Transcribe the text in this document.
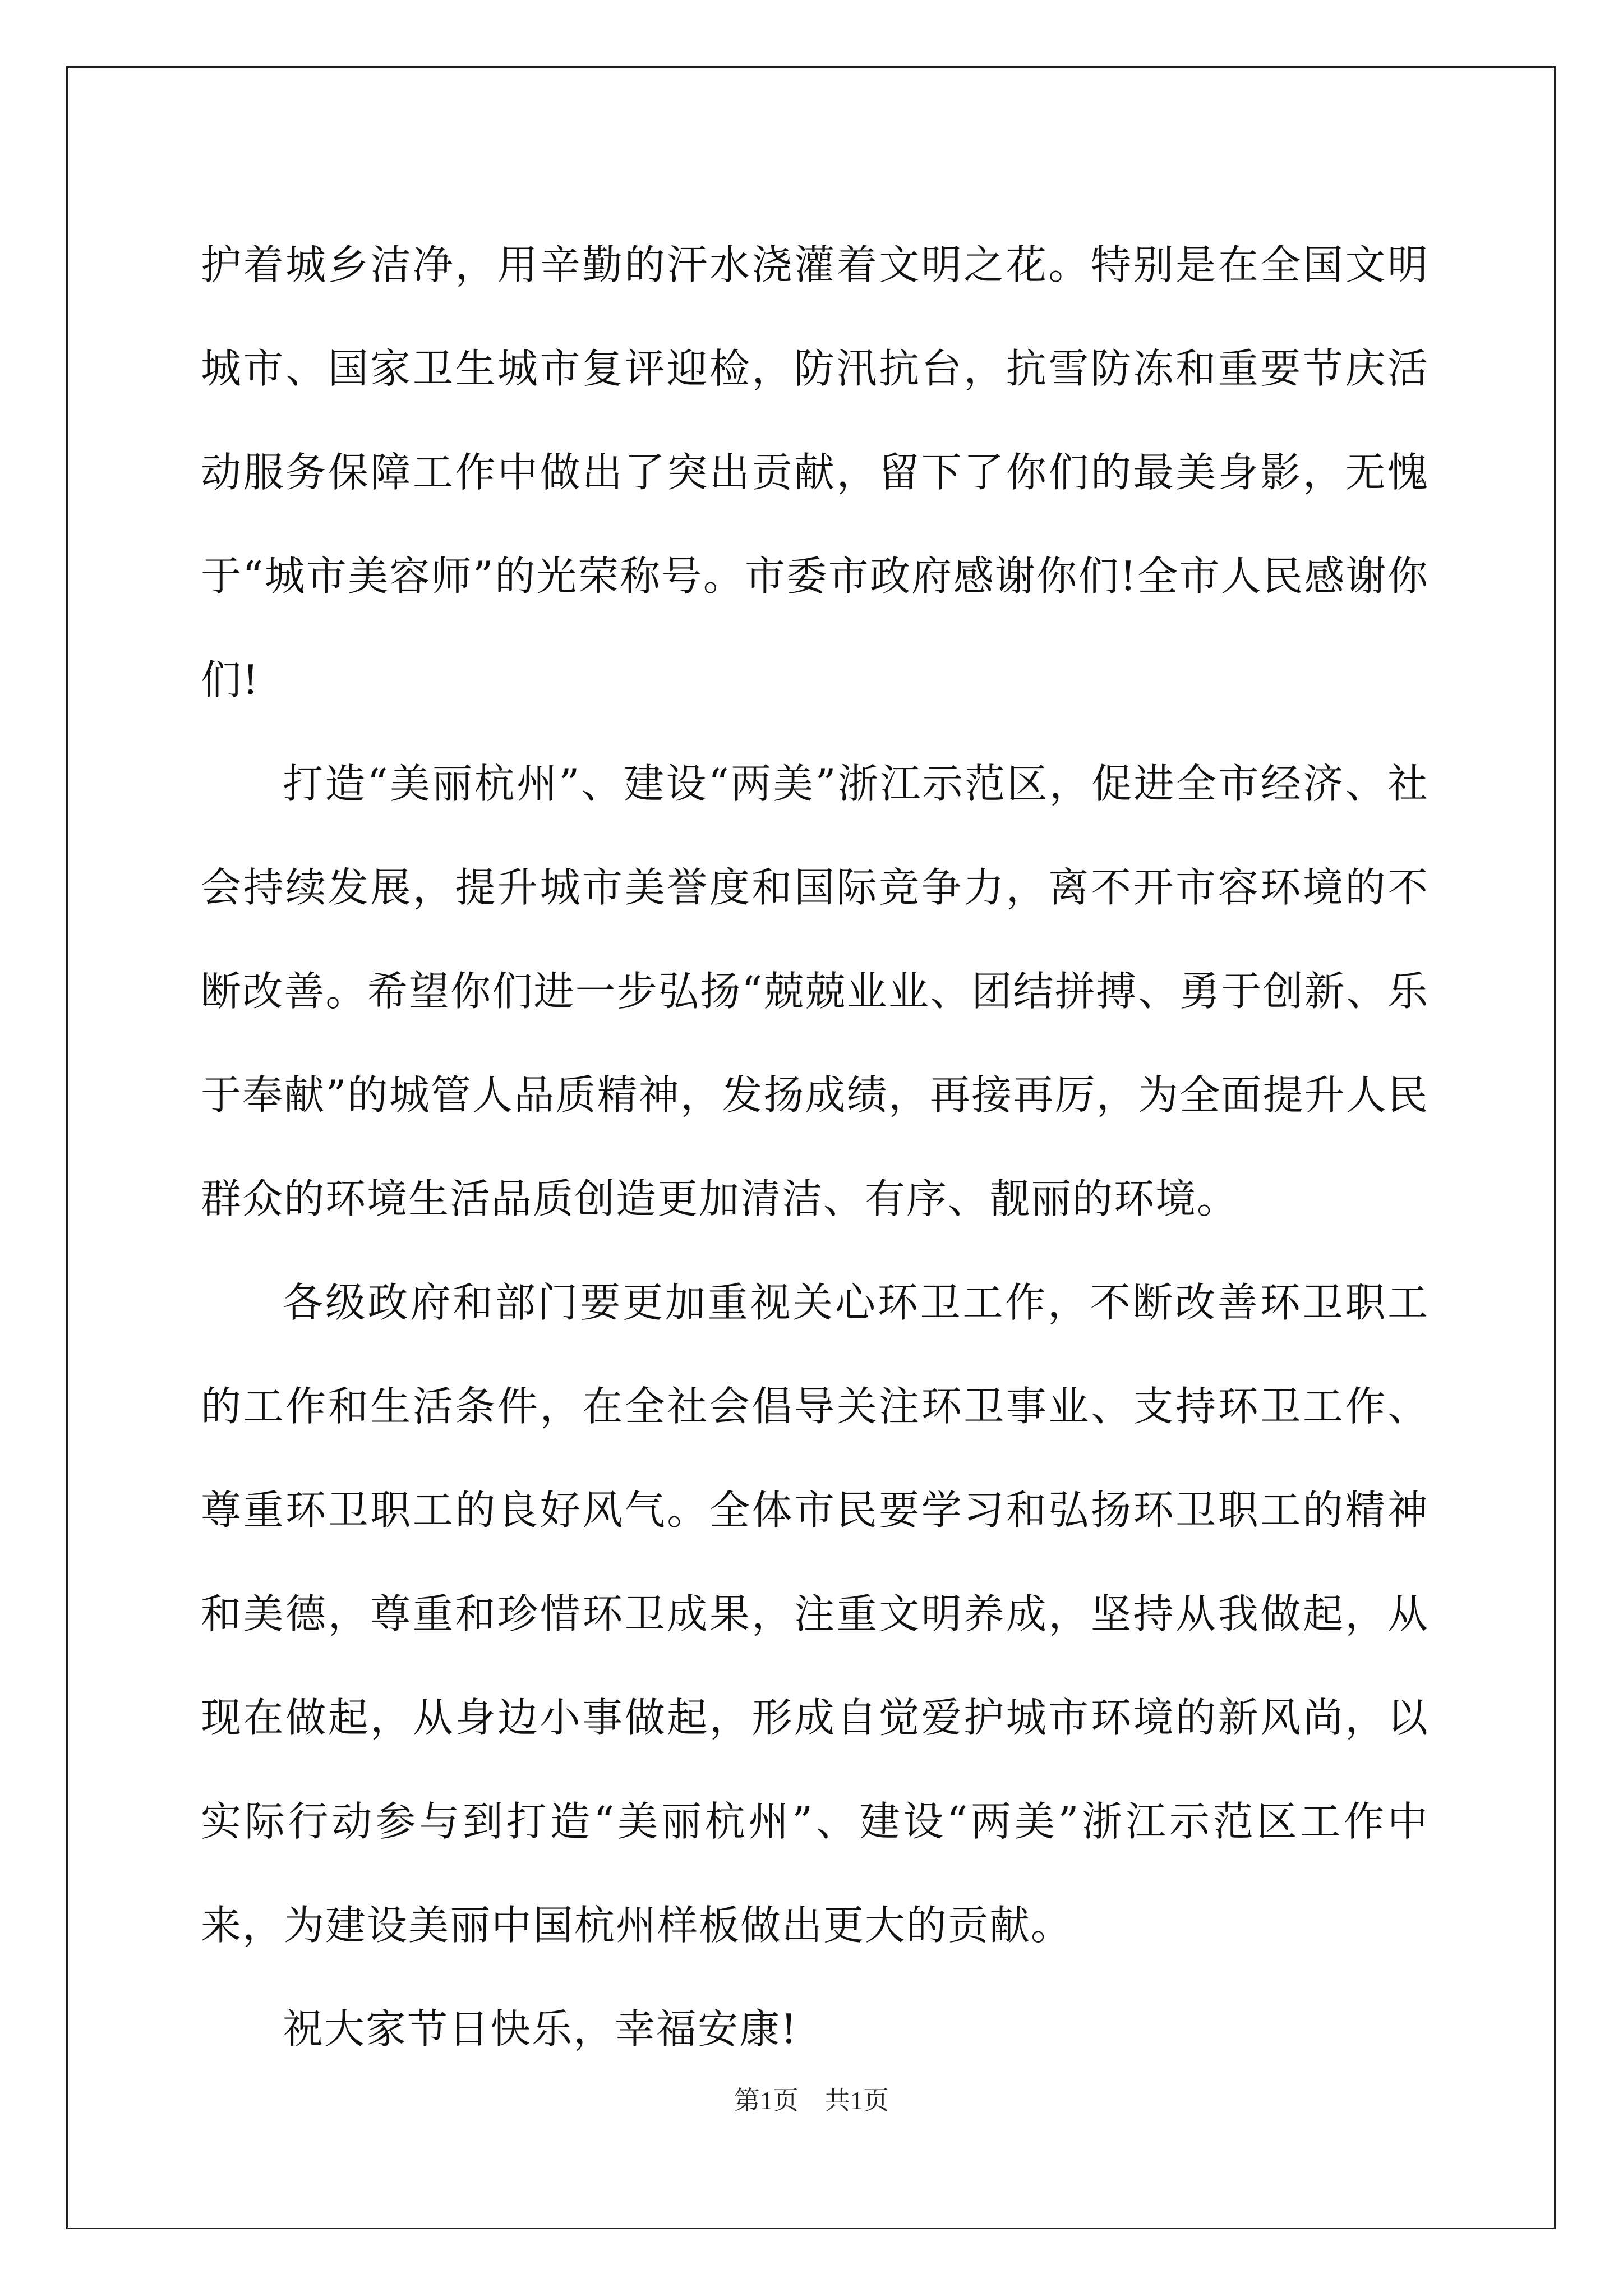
护着城乡洁净，用辛勤的汗水浇灌着文明之花。特别是在全国文明城市、国家卫生城市复评迎检，防汛抗台，抗雪防冻和重要节庆活动服务保障工作中做出了突出贡献，留下了你们的最美身影，无愧于“城市美容师”的光荣称号。市委市政府感谢你们!全市人民感谢你们!

打造“美丽杭州”、建设“两美”浙江示范区，促进全市经济、社会持续发展，提升城市美誉度和国际竞争力，离不开市容环境的不断改善。希望你们进一步弘扬“兢兢业业、团结拼搏、勇于创新、乐于奉献”的城管人品质精神，发扬成绩，再接再厉，为全面提升人民群众的环境生活品质创造更加清洁、有序、靓丽的环境。

各级政府和部门要更加重视关心环卫工作，不断改善环卫职工的工作和生活条件，在全社会倡导关注环卫事业、支持环卫工作、尊重环卫职工的良好风气。全体市民要学习和弘扬环卫职工的精神和美德，尊重和珍惜环卫成果，注重文明养成，坚持从我做起，从现在做起，从身边小事做起，形成自觉爱护城市环境的新风尚，以实际行动参与到打造“美丽杭州”、建设“两美”浙江示范区工作中来，为建设美丽中国杭州样板做出更大的贡献。

祝大家节日快乐，幸福安康!

第1页　共1页
